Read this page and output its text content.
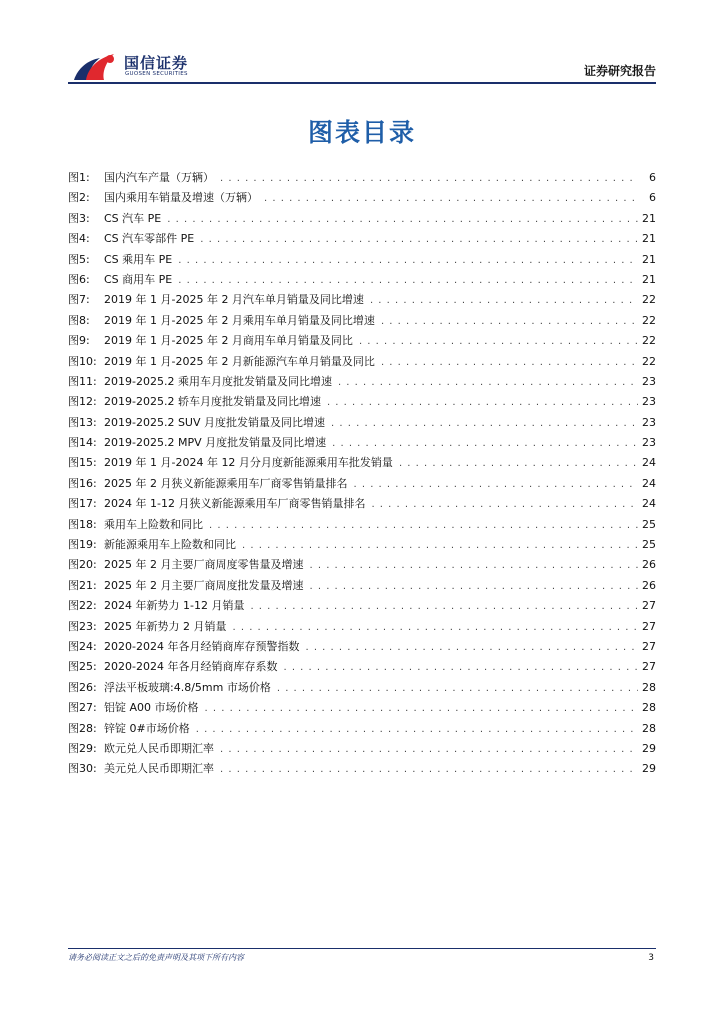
国信证券
GUOSEN SECURITIES	证券研究报告
图表目录
图1:	国内汽车产量（万辆） . . .	6
图2:	国内乘用车销量及增速（万辆） . . .	6
图3:	CS 汽车 PE . . .	21
图4:	CS 汽车零部件 PE . . .	21
图5:	CS 乘用车 PE . . .	21
图6:	CS 商用车 PE . . .	21
图7:	2019 年 1 月-2025 年 2 月汽车单月销量及同比增速 . . .	22
图8:	2019 年 1 月-2025 年 2 月乘用车单月销量及同比增速 . . .	22
图9:	2019 年 1 月-2025 年 2 月商用车单月销量及同比 . . .	22
图10: 2019 年 1 月-2025 年 2 月新能源汽车单月销量及同比 . . .	22
图11: 2019-2025.2 乘用车月度批发销量及同比增速 . . .	23
图12: 2019-2025.2 轿车月度批发销量及同比增速 . . .	23
图13: 2019-2025.2 SUV 月度批发销量及同比增速 . . .	23
图14: 2019-2025.2 MPV 月度批发销量及同比增速 . . .	23
图15: 2019 年 1 月-2024 年 12 月分月度新能源乘用车批发销量 . . .	24
图16: 2025 年 2 月狭义新能源乘用车厂商零售销量排名 . . .	24
图17: 2024 年 1-12 月狭义新能源乘用车厂商零售销量排名 . . .	24
图18: 乘用车上险数和同比 . . .	25
图19: 新能源乘用车上险数和同比 . . .	25
图20: 2025 年 2 月主要厂商周度零售量及增速 . . .	26
图21: 2025 年 2 月主要厂商周度批发量及增速 . . .	26
图22: 2024 年新势力 1-12 月销量 . . .	27
图23: 2025 年新势力 2 月销量 . . .	27
图24: 2020-2024 年各月经销商库存预警指数 . . .	27
图25: 2020-2024 年各月经销商库存系数 . . .	27
图26: 浮法平板玻璃:4.8/5mm 市场价格 . . .	28
图27: 铝锭 A00 市场价格 . . .	28
图28: 锌锭 0#市场价格 . . .	28
图29: 欧元兑人民币即期汇率 . . .	29
图30: 美元兑人民币即期汇率 . . .	29
请务必阅读正文之后的免责声明及其项下所有内容	3
